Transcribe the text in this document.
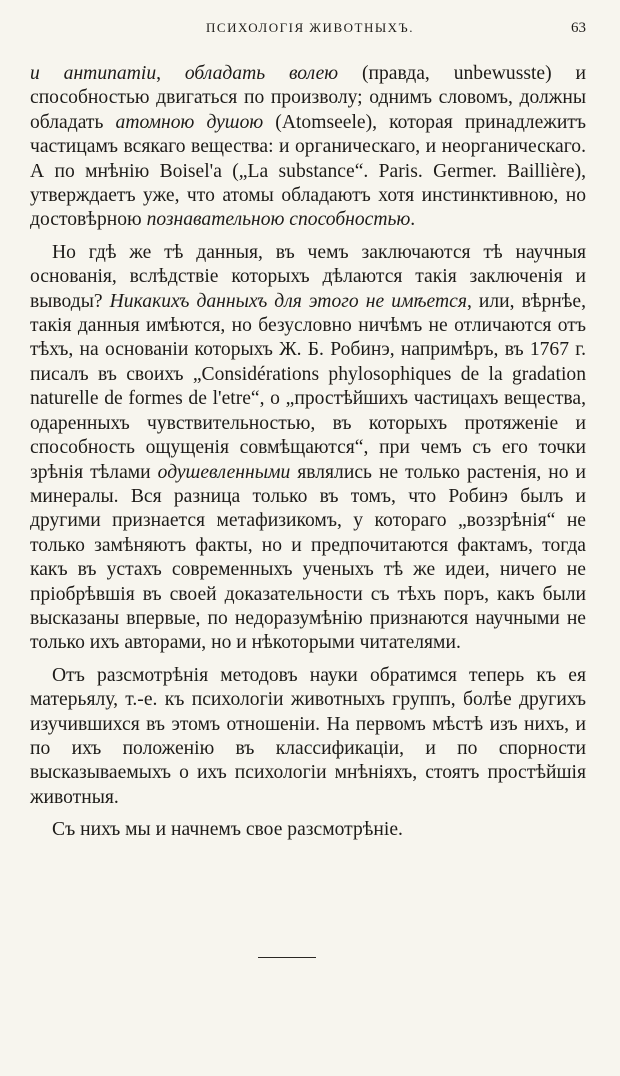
ПСИХОЛОГІЯ ЖИВОТНЫХЪ.	63

и антипатіи, обладать волею (правда, unbewusste) и способностью двигаться по произволу; однимъ словомъ, должны обладать атомною душою (Atomseele), которая принадлежитъ частицамъ всякаго вещества: и органическаго, и неорганическаго. А по мнѣнію Boisel'a („La substance“. Paris. Germer. Baillière), утверждаетъ уже, что атомы обладаютъ хотя инстинктивною, но достовѣрною познавательною способностью.

Но гдѣ же тѣ данныя, въ чемъ заключаются тѣ научныя основанія, вслѣдствіе которыхъ дѣлаются такія заключенія и выводы? Никакихъ данныхъ для этого не имѣется, или, вѣрнѣе, такія данныя имѣются, но безусловно ничѣмъ не отличаются отъ тѣхъ, на основаніи которыхъ Ж. Б. Робинэ, напримѣръ, въ 1767 г. писалъ въ своихъ „Considérations phylosophiques de la gradation naturelle de formes de l'etre“, о „простѣйшихъ частицахъ вещества, одаренныхъ чувствительностью, въ которыхъ протяженіе и способность ощущенія совмѣщаются“, при чемъ съ его точки зрѣнія тѣлами одушевленными являлись не только растенія, но и минералы. Вся разница только въ томъ, что Робинэ былъ и другими признается метафизикомъ, у котораго „воззрѣнія“ не только замѣняютъ факты, но и предпочитаются фактамъ, тогда какъ въ устахъ современныхъ ученыхъ тѣ же идеи, ничего не пріобрѣвшія въ своей доказательности съ тѣхъ поръ, какъ были высказаны впервые, по недоразумѣнію признаются научными не только ихъ авторами, но и нѣкоторыми читателями.

Отъ разсмотрѣнія методовъ науки обратимся теперь къ ея матерьялу, т.-е. къ психологіи животныхъ группъ, болѣе другихъ изучившихся въ этомъ отношеніи. На первомъ мѣстѣ изъ нихъ, и по ихъ положенію въ классификаціи, и по спорности высказываемыхъ о ихъ психологіи мнѣніяхъ, стоятъ простѣйшія животныя.

Съ нихъ мы и начнемъ свое разсмотрѣніе.
